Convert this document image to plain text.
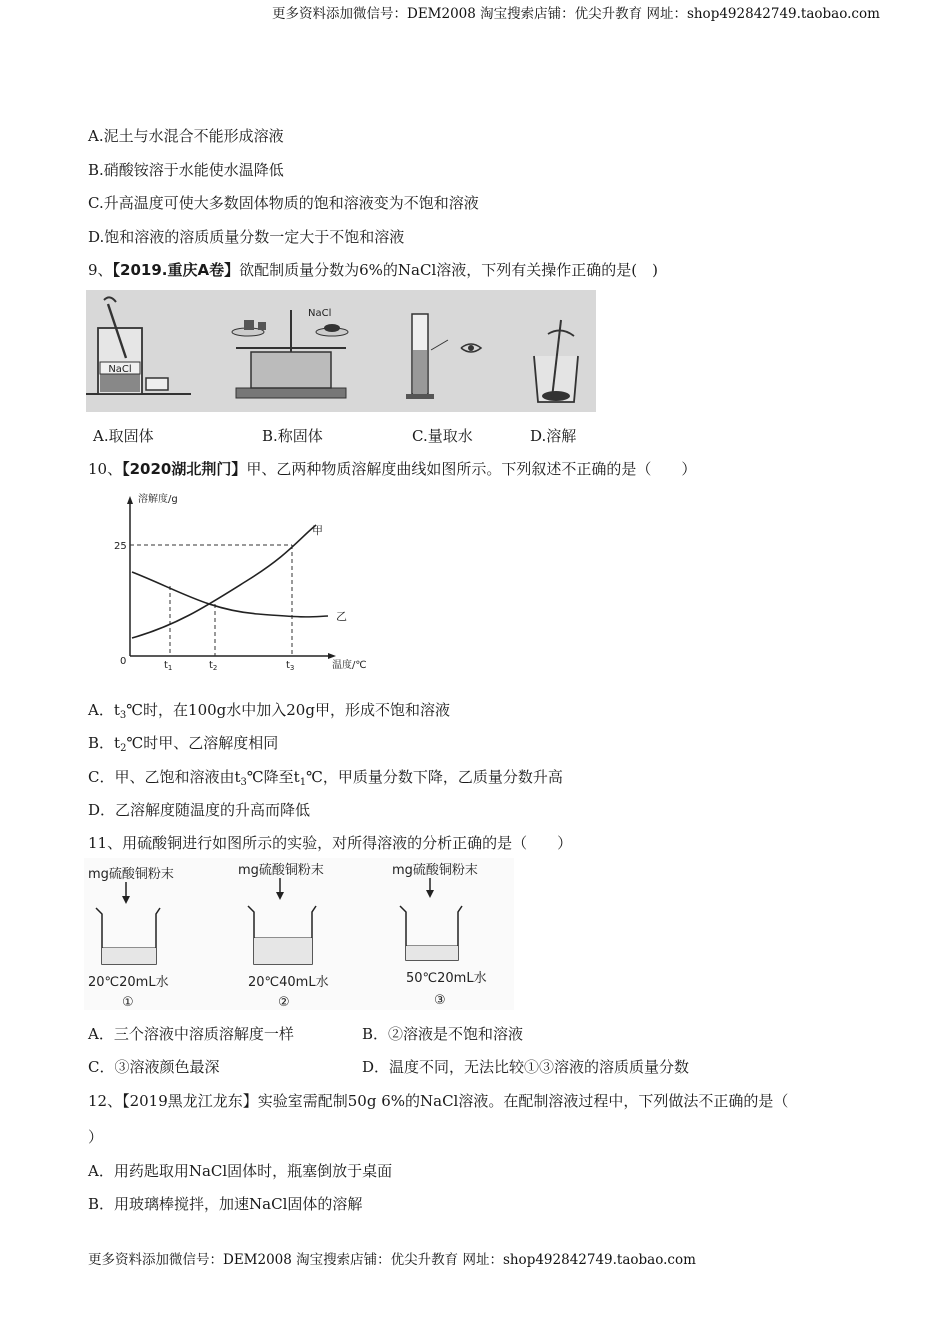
更多资料添加微信号：DEM2008 淘宝搜索店铺：优尖升教育 网址：shop492842749.taobao.com
A.泥土与水混合不能形成溶液
B.硝酸铵溶于水能使水温降低
C.升高温度可使大多数固体物质的饱和溶液变为不饱和溶液
D.饱和溶液的溶质质量分数一定大于不饱和溶液
9、【2019.重庆A卷】欲配制质量分数为6%的NaCl溶液，下列有关操作正确的是(　)
NaCl
NaCl
A.取固体	B.称固体	C.量取水	D.溶解
10、【2020湖北荆门】甲、乙两种物质溶解度曲线如图所示。下列叙述不正确的是（　　）
溶解度/g
25
0	$t_1$	$t_2$	$t_3$	温度/℃
甲
乙
A．$t_3℃$时，在100g水中加入20g甲，形成不饱和溶液
B．$t_2℃$时甲、乙溶解度相同
C．甲、乙饱和溶液由$t_3℃$降至$t_1℃$，甲质量分数下降，乙质量分数升高
D．乙溶解度随温度的升高而降低
11、用硫酸铜进行如图所示的实验，对所得溶液的分析正确的是（　　）
mg硫酸铜粉末
20℃20mL水
①
mg硫酸铜粉末
20℃40mL水
②
mg硫酸铜粉末
50℃20mL水
③
A．三个溶液中溶质溶解度一样	B．②溶液是不饱和溶液
C．③溶液颜色最深	D．温度不同，无法比较①③溶液的溶质质量分数
12、【2019黑龙江龙东】实验室需配制50g 6%的NaCl溶液。在配制溶液过程中，下列做法不正确的是（
）
A．用药匙取用NaCl固体时，瓶塞倒放于桌面
B．用玻璃棒搅拌，加速NaCl固体的溶解
更多资料添加微信号：DEM2008 淘宝搜索店铺：优尖升教育 网址：shop492842749.taobao.com
